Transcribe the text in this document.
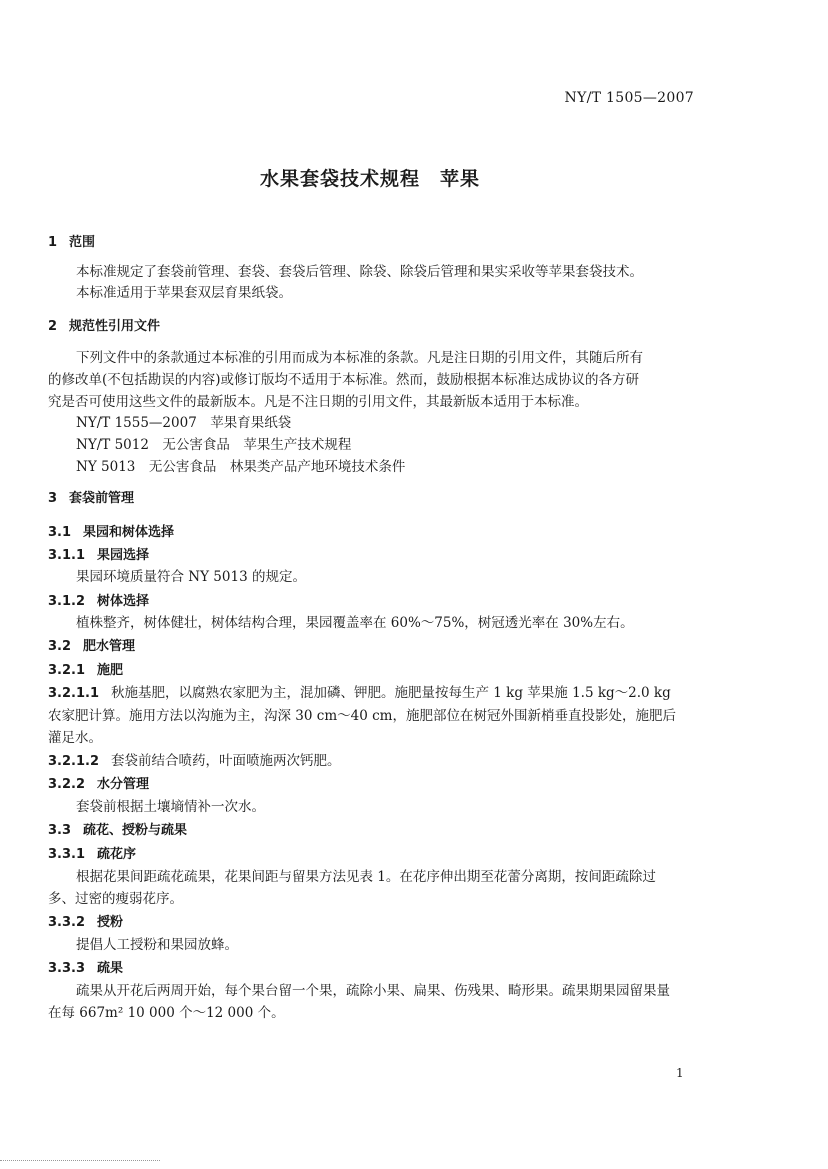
NY/T 1505—2007
水果套袋技术规程　苹果
1 范围
本标准规定了套袋前管理、套袋、套袋后管理、除袋、除袋后管理和果实采收等苹果套袋技术。
本标准适用于苹果套双层育果纸袋。
2 规范性引用文件
下列文件中的条款通过本标准的引用而成为本标准的条款。凡是注日期的引用文件，其随后所有
的修改单(不包括勘误的内容)或修订版均不适用于本标准。然而，鼓励根据本标准达成协议的各方研
究是否可使用这些文件的最新版本。凡是不注日期的引用文件，其最新版本适用于本标准。
NY/T 1555—2007　苹果育果纸袋
NY/T 5012　无公害食品　苹果生产技术规程
NY 5013　无公害食品　林果类产品产地环境技术条件
3 套袋前管理
3.1 果园和树体选择
3.1.1 果园选择
果园环境质量符合 NY 5013 的规定。
3.1.2 树体选择
植株整齐，树体健壮，树体结构合理，果园覆盖率在 60%～75%，树冠透光率在 30%左右。
3.2 肥水管理
3.2.1 施肥
3.2.1.1 秋施基肥，以腐熟农家肥为主，混加磷、钾肥。施肥量按每生产 1 kg 苹果施 1.5 kg～2.0 kg
农家肥计算。施用方法以沟施为主，沟深 30 cm～40 cm，施肥部位在树冠外围新梢垂直投影处，施肥后
灌足水。
3.2.1.2 套袋前结合喷药，叶面喷施两次钙肥。
3.2.2 水分管理
套袋前根据土壤墒情补一次水。
3.3 疏花、授粉与疏果
3.3.1 疏花序
根据花果间距疏花疏果，花果间距与留果方法见表 1。在花序伸出期至花蕾分离期，按间距疏除过
多、过密的瘦弱花序。
3.3.2 授粉
提倡人工授粉和果园放蜂。
3.3.3 疏果
疏果从开花后两周开始，每个果台留一个果，疏除小果、扁果、伤残果、畸形果。疏果期果园留果量
在每 667m² 10 000 个～12 000 个。
1
